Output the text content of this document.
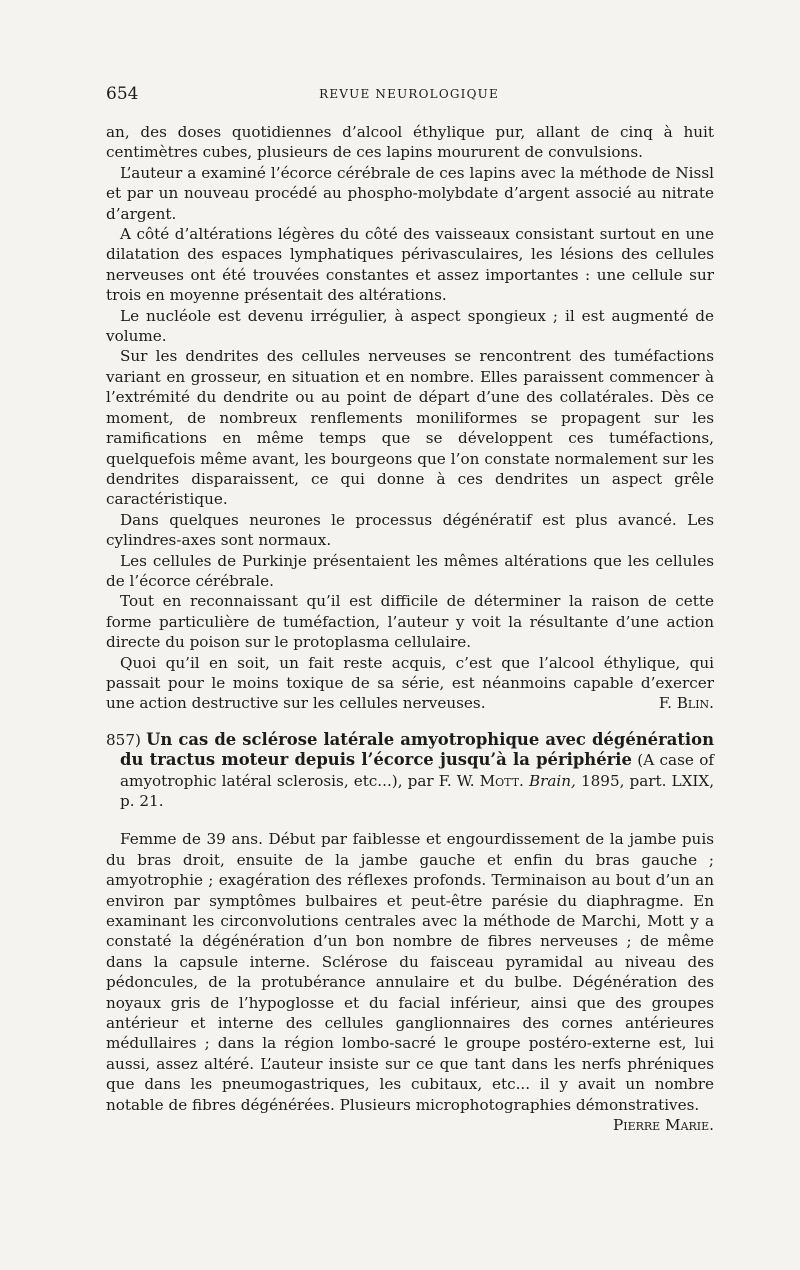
654	REVUE NEUROLOGIQUE

an, des doses quotidiennes d’alcool éthylique pur, allant de cinq à huit centimètres cubes, plusieurs de ces lapins moururent de convulsions.

L’auteur a examiné l’écorce cérébrale de ces lapins avec la méthode de Nissl et par un nouveau procédé au phospho-molybdate d’argent associé au nitrate d’argent.

A côté d’altérations légères du côté des vaisseaux consistant surtout en une dilatation des espaces lymphatiques périvasculaires, les lésions des cellules nerveuses ont été trouvées constantes et assez importantes : une cellule sur trois en moyenne présentait des altérations.

Le nucléole est devenu irrégulier, à aspect spongieux ; il est augmenté de volume.

Sur les dendrites des cellules nerveuses se rencontrent des tuméfactions variant en grosseur, en situation et en nombre. Elles paraissent commencer à l’extrémité du dendrite ou au point de départ d’une des collatérales. Dès ce moment, de nombreux renflements moniliformes se propagent sur les ramifications en même temps que se développent ces tuméfactions, quelquefois même avant, les bourgeons que l’on constate normalement sur les dendrites disparaissent, ce qui donne à ces dendrites un aspect grêle caractéristique.

Dans quelques neurones le processus dégénératif est plus avancé. Les cylindres-axes sont normaux.

Les cellules de Purkinje présentaient les mêmes altérations que les cellules de l’écorce cérébrale.

Tout en reconnaissant qu’il est difficile de déterminer la raison de cette forme particulière de tuméfaction, l’auteur y voit la résultante d’une action directe du poison sur le protoplasma cellulaire.

Quoi qu’il en soit, un fait reste acquis, c’est que l’alcool éthylique, qui passait pour le moins toxique de sa série, est néanmoins capable d’exercer une action destructive sur les cellules nerveuses.	F. Blin.

857) Un cas de sclérose latérale amyotrophique avec dégénération du tractus moteur depuis l’écorce jusqu’à la périphérie (A case of amyotrophic latéral sclerosis, etc...), par F. W. Mott. Brain, 1895, part. LXIX, p. 21.

Femme de 39 ans. Début par faiblesse et engourdissement de la jambe puis du bras droit, ensuite de la jambe gauche et enfin du bras gauche ; amyotrophie ; exagération des réflexes profonds. Terminaison au bout d’un an environ par symptômes bulbaires et peut-être parésie du diaphragme. En examinant les circonvolutions centrales avec la méthode de Marchi, Mott y a constaté la dégénération d’un bon nombre de fibres nerveuses ; de même dans la capsule interne. Sclérose du faisceau pyramidal au niveau des pédoncules, de la protubérance annulaire et du bulbe. Dégénération des noyaux gris de l’hypoglosse et du facial inférieur, ainsi que des groupes antérieur et interne des cellules ganglionnaires des cornes antérieures médullaires ; dans la région lombo-sacré le groupe postéro-externe est, lui aussi, assez altéré. L’auteur insiste sur ce que tant dans les nerfs phréniques que dans les pneumogastriques, les cubitaux, etc... il y avait un nombre notable de fibres dégénérées. Plusieurs microphotographies démonstratives.
Pierre Marie.
